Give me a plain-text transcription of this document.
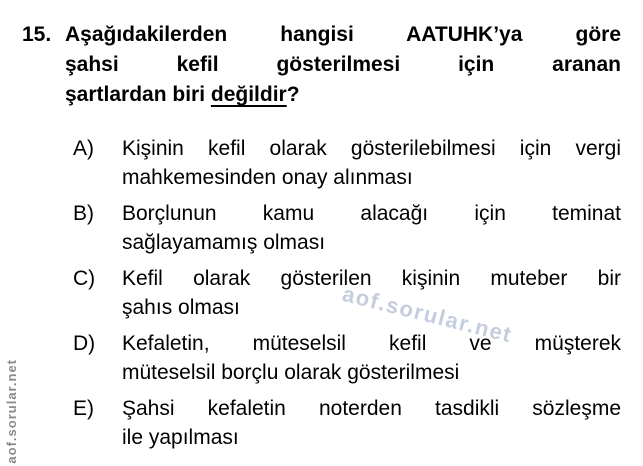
15. Aşağıdakilerden hangisi AATUHK’ya göre
şahsi kefil gösterilmesi için aranan
şartlardan biri değildir?
A)	Kişinin kefil olarak gösterilebilmesi için vergi
mahkemesinden onay alınması
B)	Borçlunun kamu alacağı için teminat
sağlayamamış olması
C)	Kefil olarak gösterilen kişinin muteber bir
şahıs olması
D)	Kefaletin, müteselsil kefil ve müşterek
müteselsil borçlu olarak gösterilmesi
E)	Şahsi kefaletin noterden tasdikli sözleşme
ile yapılması
aof.sorular.net
aof.sorular.net
